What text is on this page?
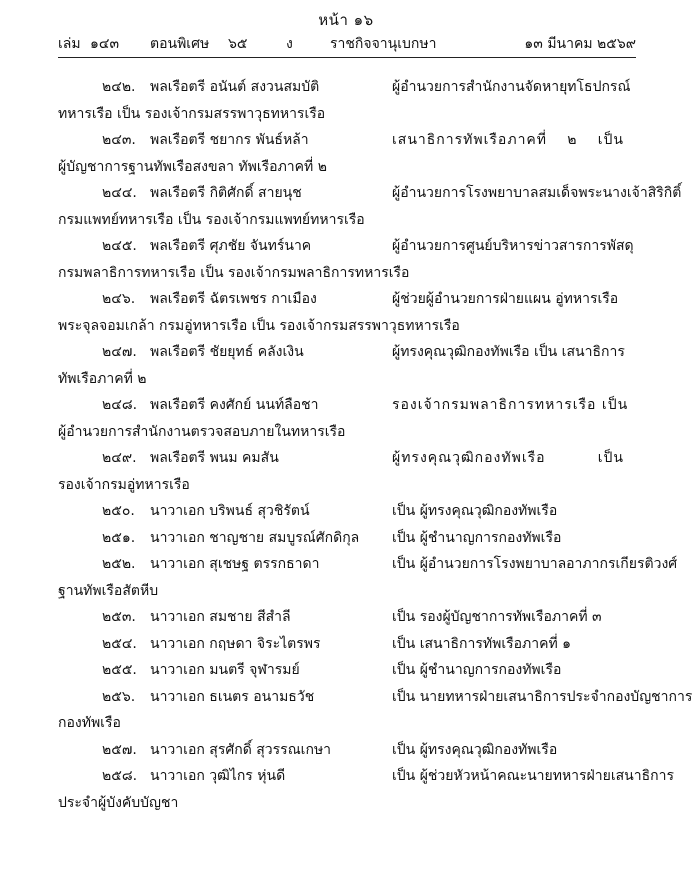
หน้า ๑๖
เล่ม ๑๔๓ ตอนพิเศษ ๖๕	ง	ราชกิจจานุเบกษา	๑๓ มีนาคม ๒๕๖๙
๒๔๒. พลเรือตรี อนันต์ สงวนสมบัติ	ผู้อำนวยการสำนักงานจัดหายุทโธปกรณ์
ทหารเรือ เป็น รองเจ้ากรมสรรพาวุธทหารเรือ
๒๔๓. พลเรือตรี ชยากร พันธ์หล้า	เสนาธิการทัพเรือภาคที่ ๒ เป็น
ผู้บัญชาการฐานทัพเรือสงขลา ทัพเรือภาคที่ ๒
๒๔๔. พลเรือตรี กิติศักดิ์ สายนุช	ผู้อำนวยการโรงพยาบาลสมเด็จพระนางเจ้าสิริกิติ์
กรมแพทย์ทหารเรือ เป็น รองเจ้ากรมแพทย์ทหารเรือ
๒๔๕. พลเรือตรี ศุภชัย จันทร์นาค	ผู้อำนวยการศูนย์บริหารข่าวสารการพัสดุ
กรมพลาธิการทหารเรือ เป็น รองเจ้ากรมพลาธิการทหารเรือ
๒๔๖. พลเรือตรี ฉัตรเพชร กาเมือง	ผู้ช่วยผู้อำนวยการฝ่ายแผน อู่ทหารเรือ
พระจุลจอมเกล้า กรมอู่ทหารเรือ เป็น รองเจ้ากรมสรรพาวุธทหารเรือ
๒๔๗. พลเรือตรี ชัยยุทธ์ คลังเงิน	ผู้ทรงคุณวุฒิกองทัพเรือ เป็น เสนาธิการ
ทัพเรือภาคที่ ๒
๒๔๘. พลเรือตรี คงศักย์ นนท์ลือชา	รองเจ้ากรมพลาธิการทหารเรือ เป็น
ผู้อำนวยการสำนักงานตรวจสอบภายในทหารเรือ
๒๔๙. พลเรือตรี พนม คมสัน	ผู้ทรงคุณวุฒิกองทัพเรือ เป็น
รองเจ้ากรมอู่ทหารเรือ
๒๕๐. นาวาเอก บริพนธ์ สุวชิรัตน์	เป็น ผู้ทรงคุณวุฒิกองทัพเรือ
๒๕๑. นาวาเอก ชาญชาย สมบูรณ์ศักดิกุล เป็น ผู้ชำนาญการกองทัพเรือ
๒๕๒. นาวาเอก สุเชษฐ ตรรกธาดา	เป็น ผู้อำนวยการโรงพยาบาลอาภากรเกียรติวงศ์
ฐานทัพเรือสัตหีบ
๒๕๓. นาวาเอก สมชาย สีสำลี	เป็น รองผู้บัญชาการทัพเรือภาคที่ ๓
๒๕๔. นาวาเอก กฤษดา จิระไตรพร	เป็น เสนาธิการทัพเรือภาคที่ ๑
๒๕๕. นาวาเอก มนตรี จุฬารมย์	เป็น ผู้ชำนาญการกองทัพเรือ
๒๕๖. นาวาเอก ธเนตร อนามธวัช	เป็น นายทหารฝ่ายเสนาธิการประจำกองบัญชาการ
กองทัพเรือ
๒๕๗. นาวาเอก สุรศักดิ์ สุวรรณเกษา	เป็น ผู้ทรงคุณวุฒิกองทัพเรือ
๒๕๘. นาวาเอก วุฒิไกร หุ่นดี	เป็น ผู้ช่วยหัวหน้าคณะนายทหารฝ่ายเสนาธิการ
ประจำผู้บังคับบัญชา
